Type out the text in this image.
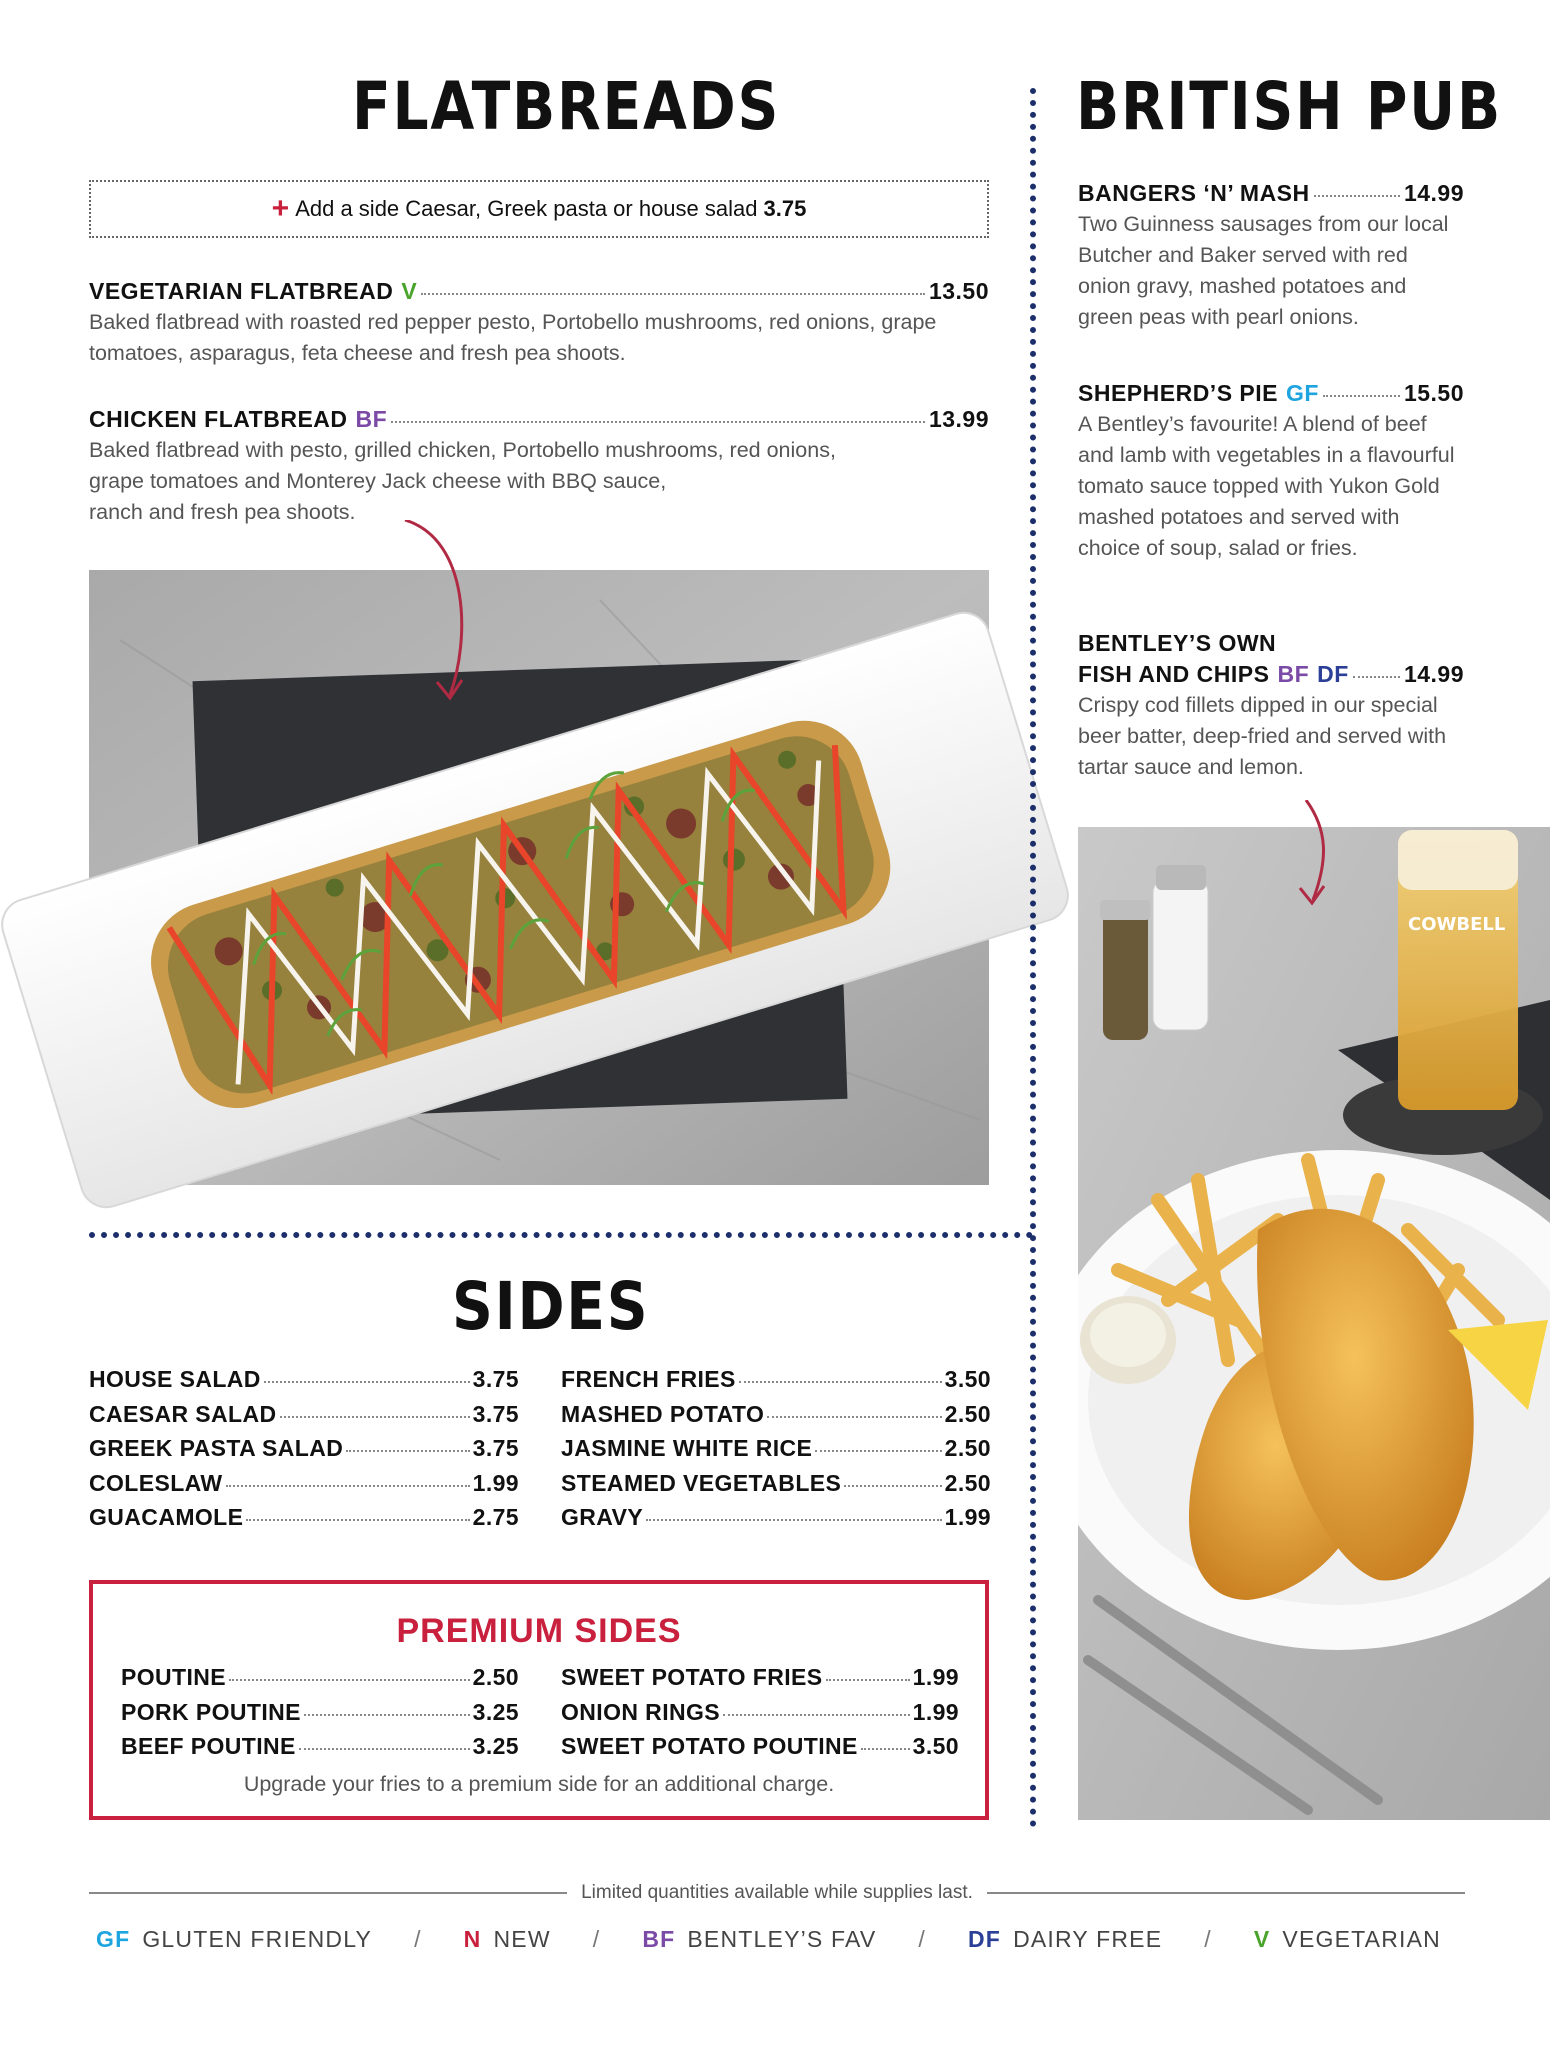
FLATBREADS
+ Add a side Caesar, Greek pasta or house salad 3.75
VEGETARIAN FLATBREAD V	13.50
Baked flatbread with roasted red pepper pesto, Portobello mushrooms, red onions, grape tomatoes, asparagus, feta cheese and fresh pea shoots.
CHICKEN FLATBREAD BF	13.99
Baked flatbread with pesto, grilled chicken, Portobello mushrooms, red onions,
grape tomatoes and Monterey Jack cheese with BBQ sauce,
ranch and fresh pea shoots.
BRITISH PUB
BANGERS ‘N’ MASH	14.99
Two Guinness sausages from our local Butcher and Baker served with red onion gravy, mashed potatoes and green peas with pearl onions.
SHEPHERD’S PIE GF	15.50
A Bentley’s favourite! A blend of beef and lamb with vegetables in a flavourful tomato sauce topped with Yukon Gold mashed potatoes and served with choice of soup, salad or fries.
BENTLEY’S OWN
FISH AND CHIPS BF DF 14.99
Crispy cod fillets dipped in our special beer batter, deep-fried and served with tartar sauce and lemon.
COWBELL
SIDES
HOUSE SALAD	3.75
CAESAR SALAD	3.75
GREEK PASTA SALAD	3.75
COLESLAW	1.99
GUACAMOLE	2.75
FRENCH FRIES	3.50
MASHED POTATO	2.50
JASMINE WHITE RICE	2.50
STEAMED VEGETABLES	2.50
GRAVY	1.99
PREMIUM SIDES
POUTINE	2.50
PORK POUTINE	3.25
BEEF POUTINE	3.25
SWEET POTATO FRIES	1.99
ONION RINGS	1.99
SWEET POTATO POUTINE 3.50
Upgrade your fries to a premium side for an additional charge.
Limited quantities available while supplies last.
GF GLUTEN FRIENDLY / N NEW / BF BENTLEY’S FAV / DF DAIRY FREE / V VEGETARIAN
